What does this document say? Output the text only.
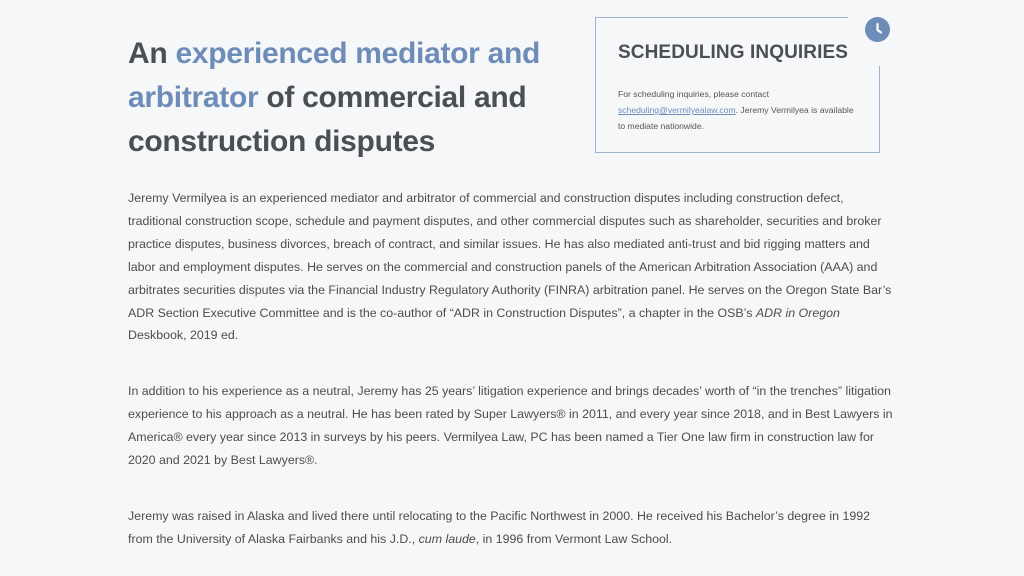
An experienced mediator and arbitrator of commercial and construction disputes
SCHEDULING INQUIRIES

For scheduling inquiries, please contact scheduling@vermilyealaw.com. Jeremy Vermilyea is available to mediate nationwide.

Jeremy Vermilyea is an experienced mediator and arbitrator of commercial and construction disputes including construction defect, traditional construction scope, schedule and payment disputes, and other commercial disputes such as shareholder, securities and broker practice disputes, business divorces, breach of contract, and similar issues. He has also mediated anti-trust and bid rigging matters and labor and employment disputes. He serves on the commercial and construction panels of the American Arbitration Association (AAA) and arbitrates securities disputes via the Financial Industry Regulatory Authority (FINRA) arbitration panel. He serves on the Oregon State Bar’s ADR Section Executive Committee and is the co-author of “ADR in Construction Disputes”, a chapter in the OSB’s ADR in Oregon Deskbook, 2019 ed.

In addition to his experience as a neutral, Jeremy has 25 years’ litigation experience and brings decades’ worth of “in the trenches” litigation experience to his approach as a neutral. He has been rated by Super Lawyers® in 2011, and every year since 2018, and in Best Lawyers in America® every year since 2013 in surveys by his peers. Vermilyea Law, PC has been named a Tier One law firm in construction law for 2020 and 2021 by Best Lawyers®.

Jeremy was raised in Alaska and lived there until relocating to the Pacific Northwest in 2000. He received his Bachelor’s degree in 1992 from the University of Alaska Fairbanks and his J.D., cum laude, in 1996 from Vermont Law School.
